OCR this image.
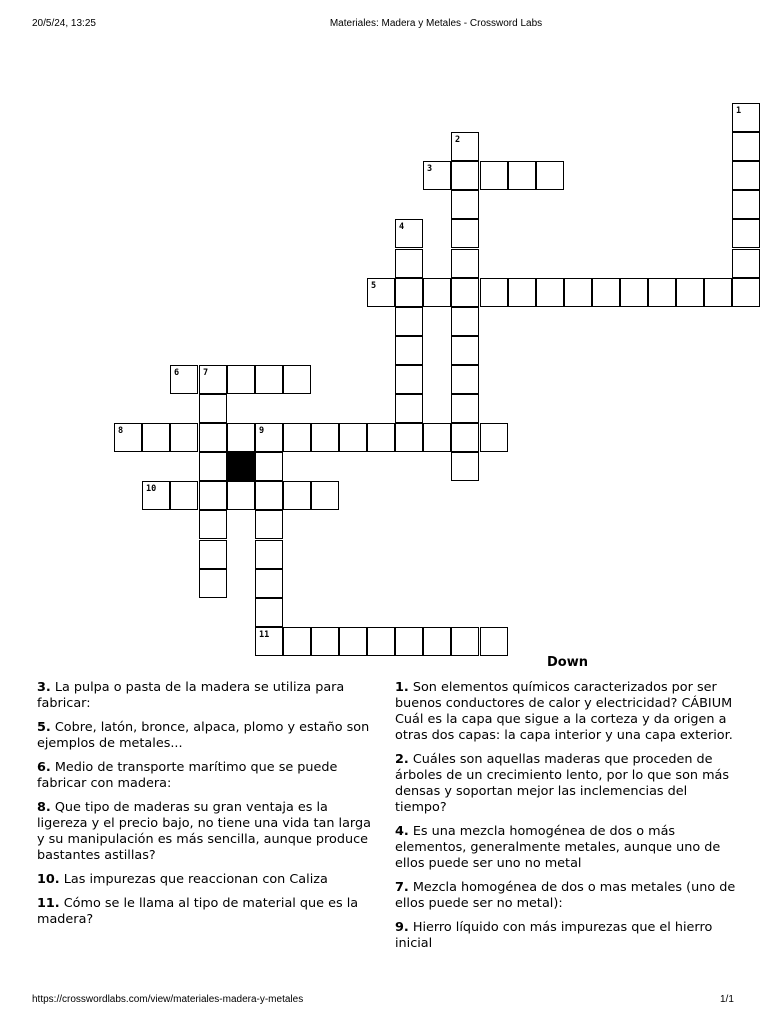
20/5/24, 13:25	Materiales: Madera y Metales - Crossword Labs
1
2
3
4
5
6	7
8	9
10
11
3. La pulpa o pasta de la madera se utiliza para fabricar:
5. Cobre, latón, bronce, alpaca, plomo y estaño son ejemplos de metales...
6. Medio de transporte marítimo que se puede fabricar con madera:
8. Que tipo de maderas su gran ventaja es la ligereza y el precio bajo, no tiene una vida tan larga y su manipulación es más sencilla, aunque produce bastantes astillas?
10. Las impurezas que reaccionan con Caliza
11. Cómo se le llama al tipo de material que es la madera?
Down
1. Son elementos químicos caracterizados por ser buenos conductores de calor y electricidad? CÁBIUM Cuál es la capa que sigue a la corteza y da origen a otras dos capas: la capa interior y una capa exterior.
2. Cuáles son aquellas maderas que proceden de árboles de un crecimiento lento, por lo que son más densas y soportan mejor las inclemencias del tiempo?
4. Es una mezcla homogénea de dos o más elementos, generalmente metales, aunque uno de ellos puede ser uno no metal
7. Mezcla homogénea de dos o mas metales (uno de ellos puede ser no metal):
9. Hierro líquido con más impurezas que el hierro inicial
https://crosswordlabs.com/view/materiales-madera-y-metales	1/1
